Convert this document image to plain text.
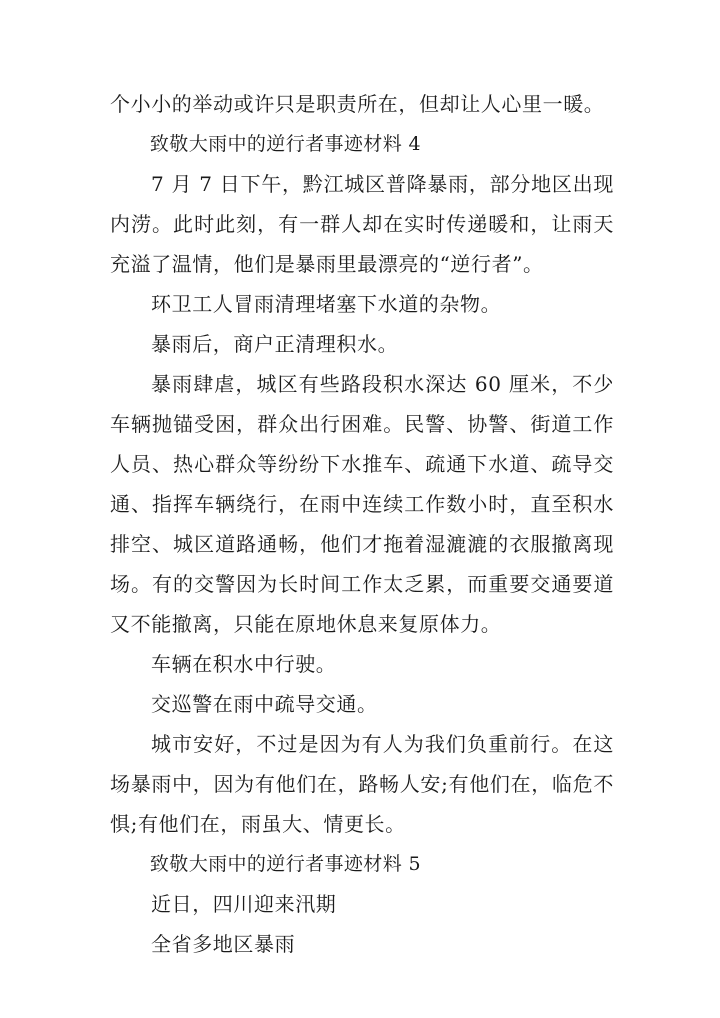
个小小的举动或许只是职责所在，但却让人心里一暖。

致敬大雨中的逆行者事迹材料 4

7 月 7 日下午，黔江城区普降暴雨，部分地区出现内涝。此时此刻，有一群人却在实时传递暖和，让雨天充溢了温情，他们是暴雨里最漂亮的“逆行者”。

环卫工人冒雨清理堵塞下水道的杂物。

暴雨后，商户正清理积水。

暴雨肆虐，城区有些路段积水深达 60 厘米，不少车辆抛锚受困，群众出行困难。民警、协警、街道工作人员、热心群众等纷纷下水推车、疏通下水道、疏导交通、指挥车辆绕行，在雨中连续工作数小时，直至积水排空、城区道路通畅，他们才拖着湿漉漉的衣服撤离现场。有的交警因为长时间工作太乏累，而重要交通要道又不能撤离，只能在原地休息来复原体力。

车辆在积水中行驶。

交巡警在雨中疏导交通。

城市安好，不过是因为有人为我们负重前行。在这场暴雨中，因为有他们在，路畅人安;有他们在，临危不惧;有他们在，雨虽大、情更长。

致敬大雨中的逆行者事迹材料 5

近日，四川迎来汛期

全省多地区暴雨
